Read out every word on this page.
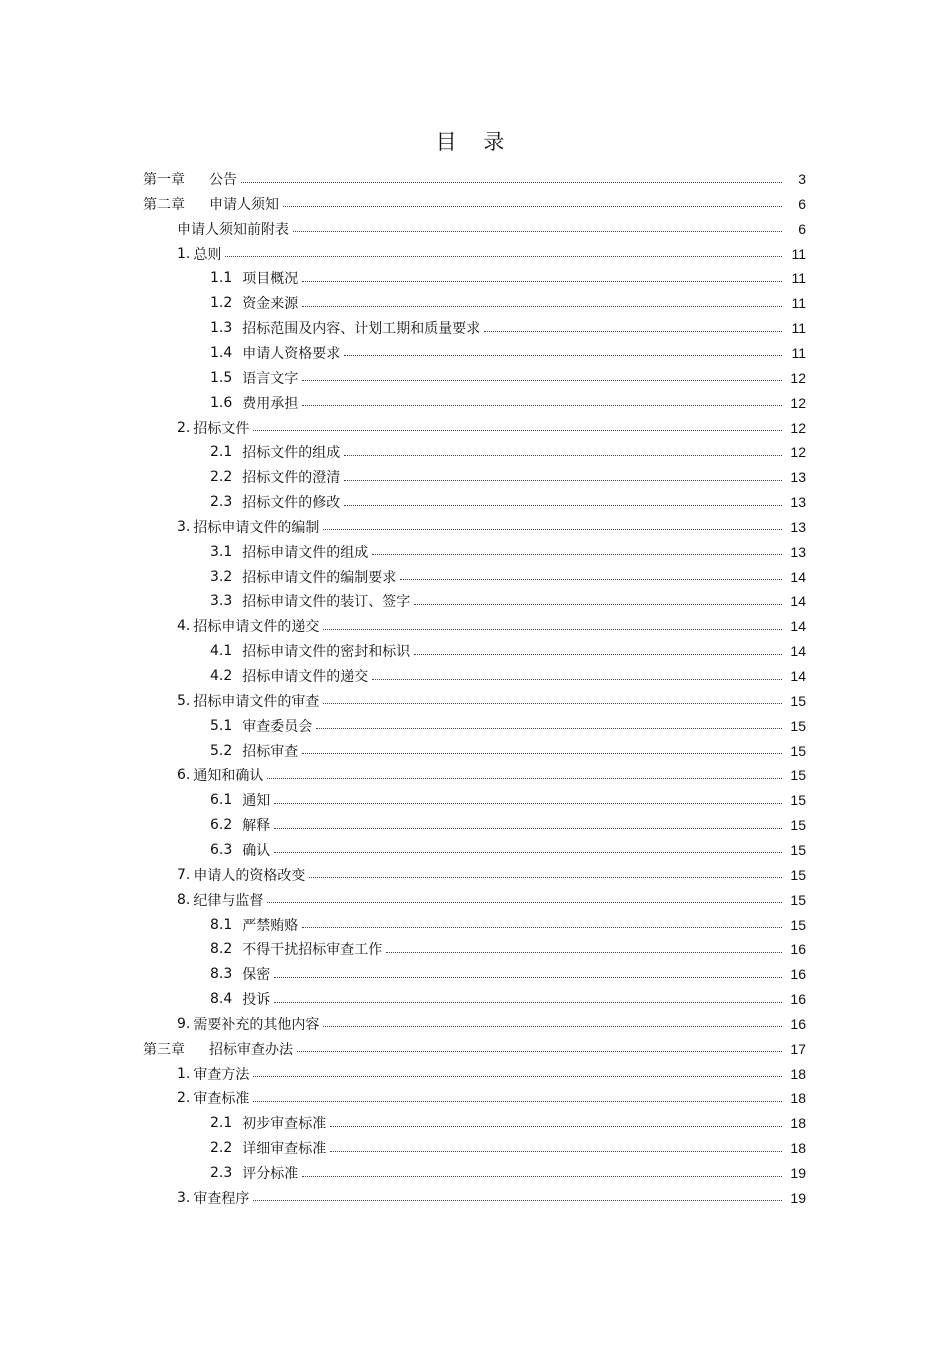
目 录
第一章 公告	3
第二章 申请人须知	6
申请人须知前附表	6
1. 总则	11
1.1 项目概况	11
1.2 资金来源	11
1.3 招标范围及内容、计划工期和质量要求	11
1.4 申请人资格要求	11
1.5 语言文字	12
1.6 费用承担	12
2. 招标文件	12
2.1 招标文件的组成	12
2.2 招标文件的澄清	13
2.3 招标文件的修改	13
3. 招标申请文件的编制	13
3.1 招标申请文件的组成	13
3.2 招标申请文件的编制要求	14
3.3 招标申请文件的装订、签字	14
4. 招标申请文件的递交	14
4.1 招标申请文件的密封和标识	14
4.2 招标申请文件的递交	14
5. 招标申请文件的审查	15
5.1 审查委员会	15
5.2 招标审查	15
6. 通知和确认	15
6.1 通知	15
6.2 解释	15
6.3 确认	15
7. 申请人的资格改变	15
8. 纪律与监督	15
8.1 严禁贿赂	15
8.2 不得干扰招标审查工作	16
8.3 保密	16
8.4 投诉	16
9. 需要补充的其他内容	16
第三章 招标审查办法	17
1. 审查方法	18
2. 审查标准	18
2.1 初步审查标准	18
2.2 详细审查标准	18
2.3 评分标准	19
3. 审查程序	19
